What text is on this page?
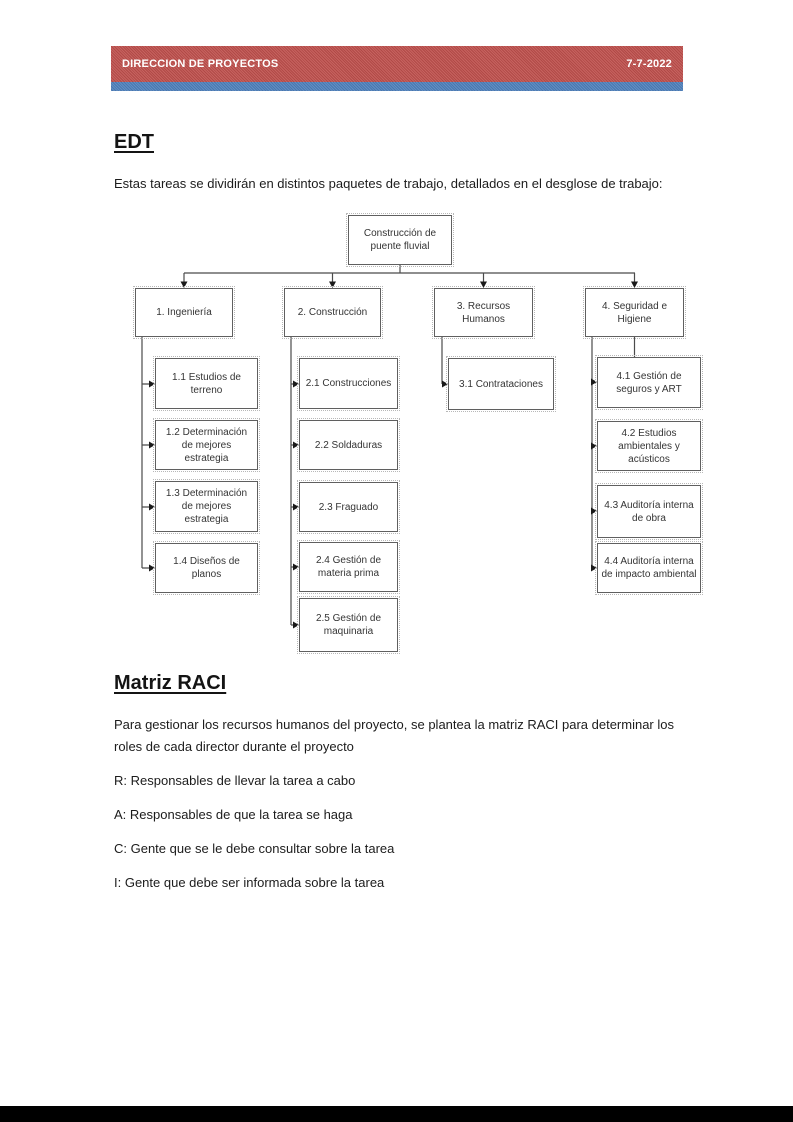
DIRECCION DE PROYECTOS	7-7-2022
EDT

Estas tareas se dividirán en distintos paquetes de trabajo, detallados en el desglose de trabajo:

Construcción de puente fluvial
1. Ingeniería	2. Construcción
3. Recursos Humanos
4. Seguridad e Higiene
1.1 Estudios de terreno
1.2 Determinación de mejores estrategia
1.3 Determinación de mejores estrategia
1.4 Diseños de planos
2.1 Construcciones
2.2 Soldaduras
2.3 Fraguado
2.4 Gestión de materia prima
2.5 Gestión de maquinaria
3.1 Contrataciones
4.1 Gestión de seguros y ART
4.2 Estudios ambientales y acústicos
4.3 Auditoría interna de obra
4.4 Auditoría interna de impacto ambiental
Matriz RACI

Para gestionar los recursos humanos del proyecto, se plantea la matriz RACI para determinar los roles de cada director durante el proyecto

R: Responsables de llevar la tarea a cabo

A: Responsables de que la tarea se haga

C: Gente que se le debe consultar sobre la tarea

I: Gente que debe ser informada sobre la tarea
